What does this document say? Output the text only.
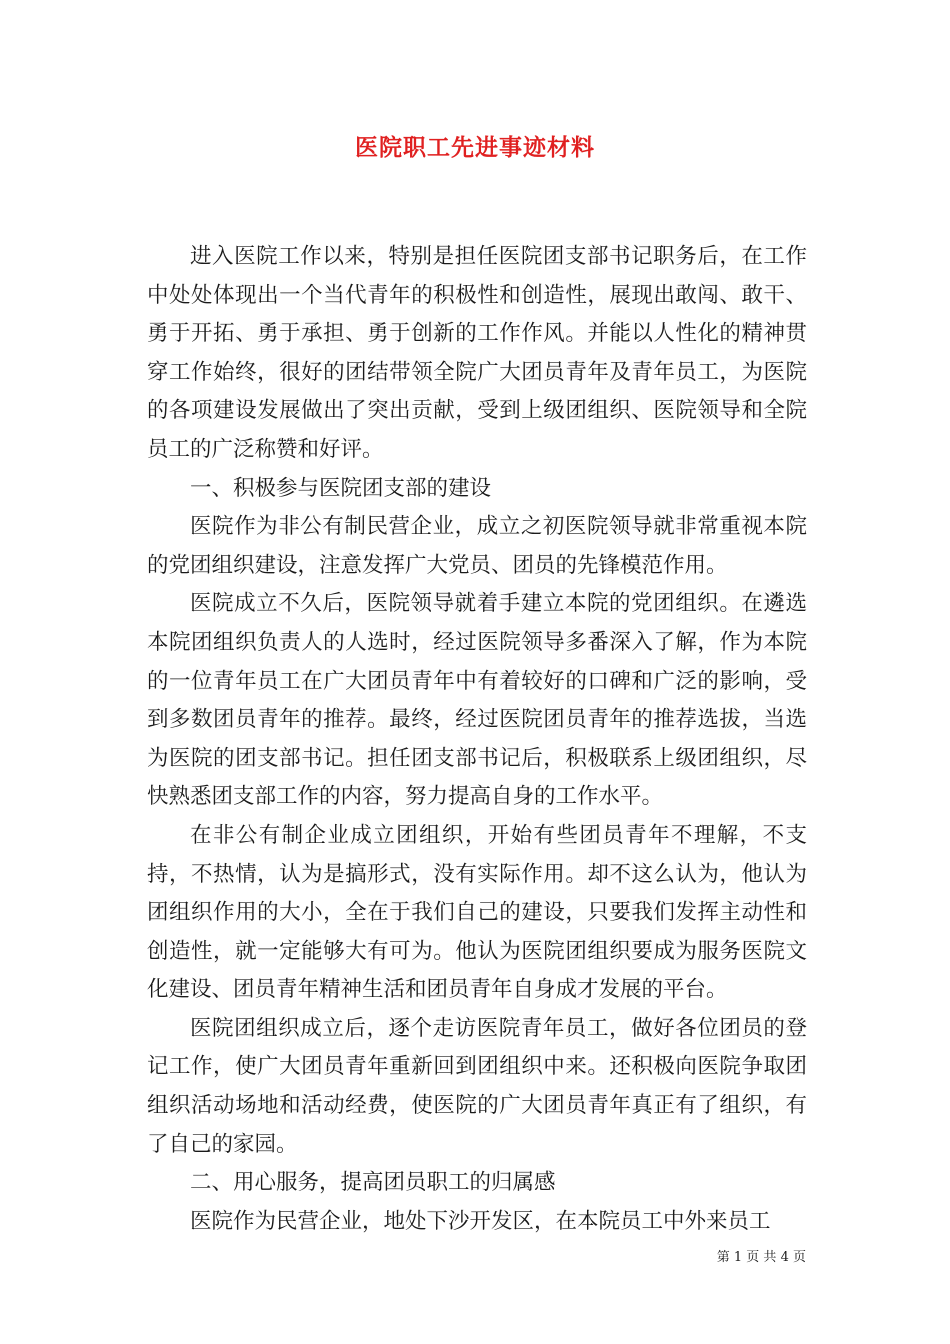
医院职工先进事迹材料

进入医院工作以来，特别是担任医院团支部书记职务后，在工作中处处体现出一个当代青年的积极性和创造性，展现出敢闯、敢干、勇于开拓、勇于承担、勇于创新的工作作风。并能以人性化的精神贯穿工作始终，很好的团结带领全院广大团员青年及青年员工，为医院的各项建设发展做出了突出贡献，受到上级团组织、医院领导和全院员工的广泛称赞和好评。

一、积极参与医院团支部的建设

医院作为非公有制民营企业，成立之初医院领导就非常重视本院的党团组织建设，注意发挥广大党员、团员的先锋模范作用。

医院成立不久后，医院领导就着手建立本院的党团组织。在遴选本院团组织负责人的人选时，经过医院领导多番深入了解，作为本院的一位青年员工在广大团员青年中有着较好的口碑和广泛的影响，受到多数团员青年的推荐。最终，经过医院团员青年的推荐选拔，当选为医院的团支部书记。担任团支部书记后，积极联系上级团组织，尽快熟悉团支部工作的内容，努力提高自身的工作水平。

在非公有制企业成立团组织，开始有些团员青年不理解，不支持，不热情，认为是搞形式，没有实际作用。却不这么认为，他认为团组织作用的大小，全在于我们自己的建设，只要我们发挥主动性和创造性，就一定能够大有可为。他认为医院团组织要成为服务医院文化建设、团员青年精神生活和团员青年自身成才发展的平台。

医院团组织成立后，逐个走访医院青年员工，做好各位团员的登记工作，使广大团员青年重新回到团组织中来。还积极向医院争取团组织活动场地和活动经费，使医院的广大团员青年真正有了组织，有了自己的家园。

二、用心服务，提高团员职工的归属感

医院作为民营企业，地处下沙开发区，在本院员工中外来员工

第 1 页 共 4 页
